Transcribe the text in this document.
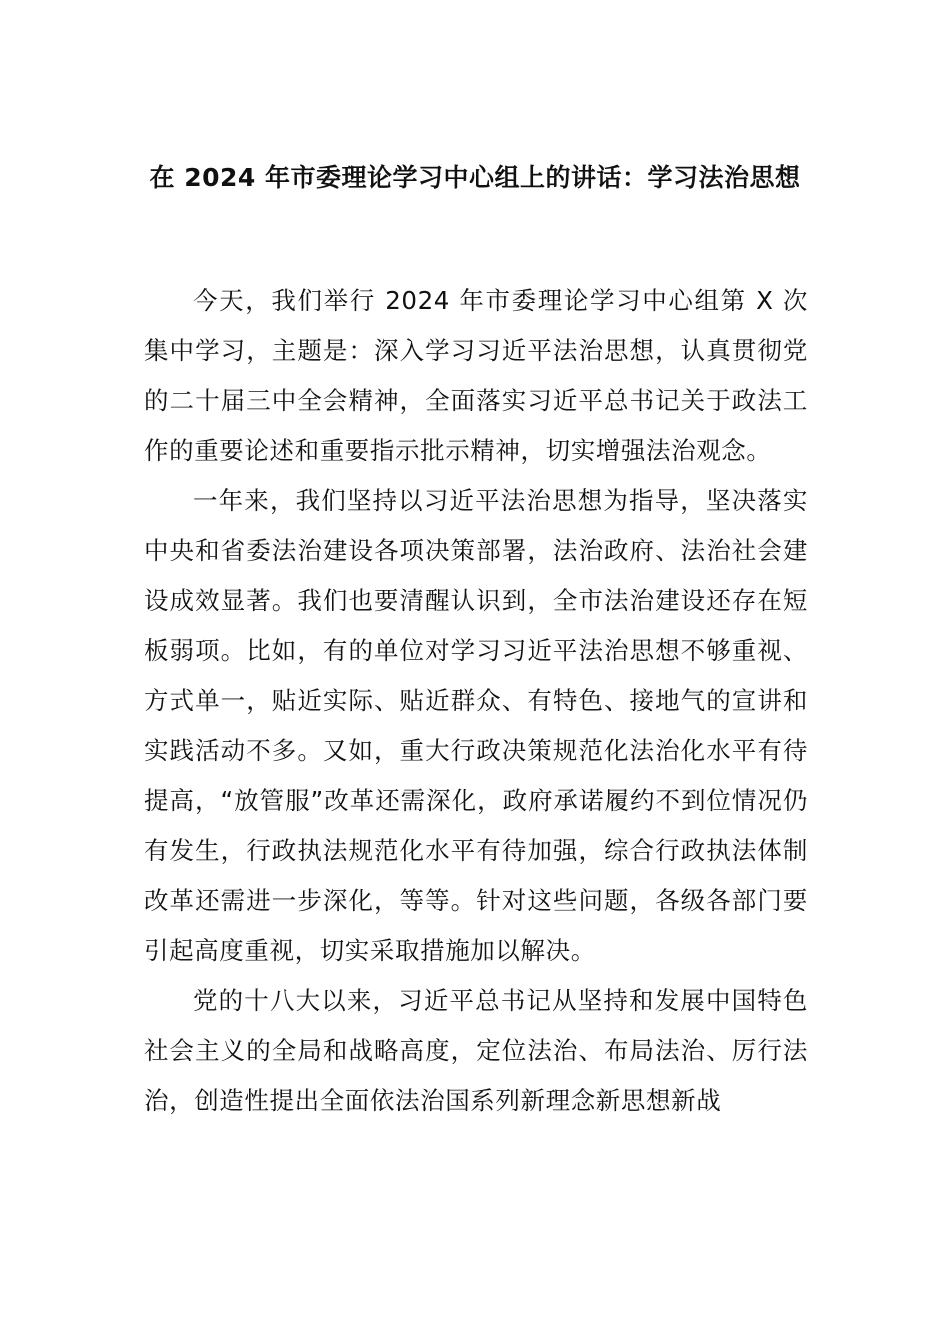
在 2024 年市委理论学习中心组上的讲话：学习法治思想

今天，我们举行 2024 年市委理论学习中心组第 X 次集中学习，主题是：深入学习习近平法治思想，认真贯彻党的二十届三中全会精神，全面落实习近平总书记关于政法工作的重要论述和重要指示批示精神，切实增强法治观念。

一年来，我们坚持以习近平法治思想为指导，坚决落实中央和省委法治建设各项决策部署，法治政府、法治社会建设成效显著。我们也要清醒认识到，全市法治建设还存在短板弱项。比如，有的单位对学习习近平法治思想不够重视、方式单一，贴近实际、贴近群众、有特色、接地气的宣讲和实践活动不多。又如，重大行政决策规范化法治化水平有待提高，“放管服”改革还需深化，政府承诺履约不到位情况仍有发生，行政执法规范化水平有待加强，综合行政执法体制改革还需进一步深化，等等。针对这些问题，各级各部门要引起高度重视，切实采取措施加以解决。

党的十八大以来，习近平总书记从坚持和发展中国特色社会主义的全局和战略高度，定位法治、布局法治、厉行法治，创造性提出全面依法治国系列新理念新思想新战
